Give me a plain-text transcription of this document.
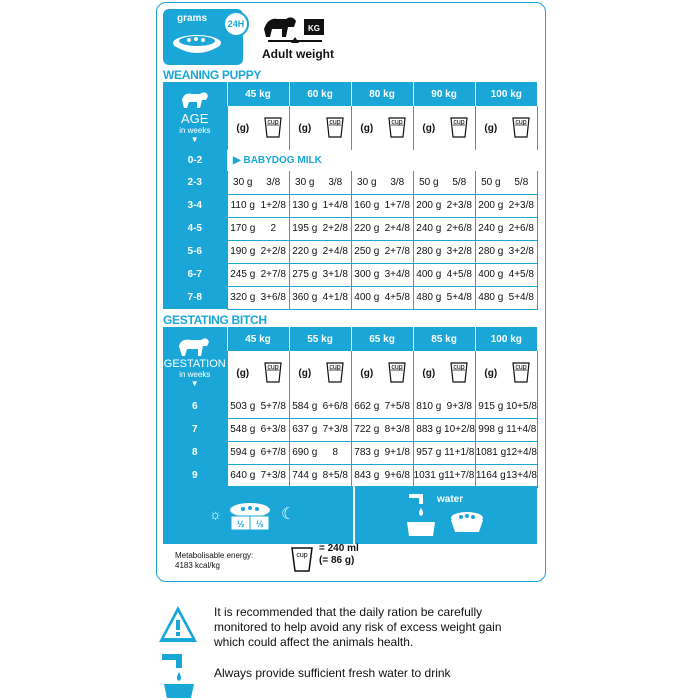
grams	24H	KG
Adult weight
WEANING PUPPY
AGE
in weeks
▼	45 kg		60 kg		80 kg		90 kg		100 kg	
	(g)	cup	(g)	cup	(g)	cup	(g)	cup	(g)	cup

0-2	▶ BABYDOG MILK									
2-3	30 g	3/8	30 g	3/8	30 g	3/8	50 g	5/8	50 g	5/8
3-4	110 g	1+2/8	130 g	1+4/8	160 g	1+7/8	200 g	2+3/8	200 g	2+3/8
4-5	170 g	2	195 g	2+2/8	220 g	2+4/8	240 g	2+6/8	240 g	2+6/8
5-6	190 g	2+2/8	220 g	2+4/8	250 g	2+7/8	280 g	3+2/8	280 g	3+2/8
6-7	245 g	2+7/8	275 g	3+1/8	300 g	3+4/8	400 g	4+5/8	400 g	4+5/8
7-8	320 g	3+6/8	360 g	4+1/8	400 g	4+5/8	480 g	5+4/8	480 g	5+4/8
GESTATING BITCH
GESTATION
in weeks
▼	45 kg		55 kg		65 kg		85 kg		100 kg	
	(g)	cup	(g)	cup	(g)	cup	(g)	cup	(g)	cup

6	503 g	5+7/8	584 g	6+6/8	662 g	7+5/8	810 g	9+3/8	915 g	10+5/8
7	548 g	6+3/8	637 g	7+3/8	722 g	8+3/8	883 g	10+2/8	998 g	11+4/8
8	594 g	6+7/8	690 g	8	783 g	9+1/8	957 g	11+1/8	1081 g	12+4/8
9	640 g	7+3/8	744 g	8+5/8	843 g	9+6/8	1031 g	11+7/8	1164 g	13+4/8
☼	☾
½ ½
water
Metabolisable energy:
4183 kcal/kg
cup
= 240 ml
(= 86 g)
It is recommended that the daily ration be carefully
monitored to help avoid any risk of excess weight gain
which could affect the animals health.
Always provide sufficient fresh water to drink
